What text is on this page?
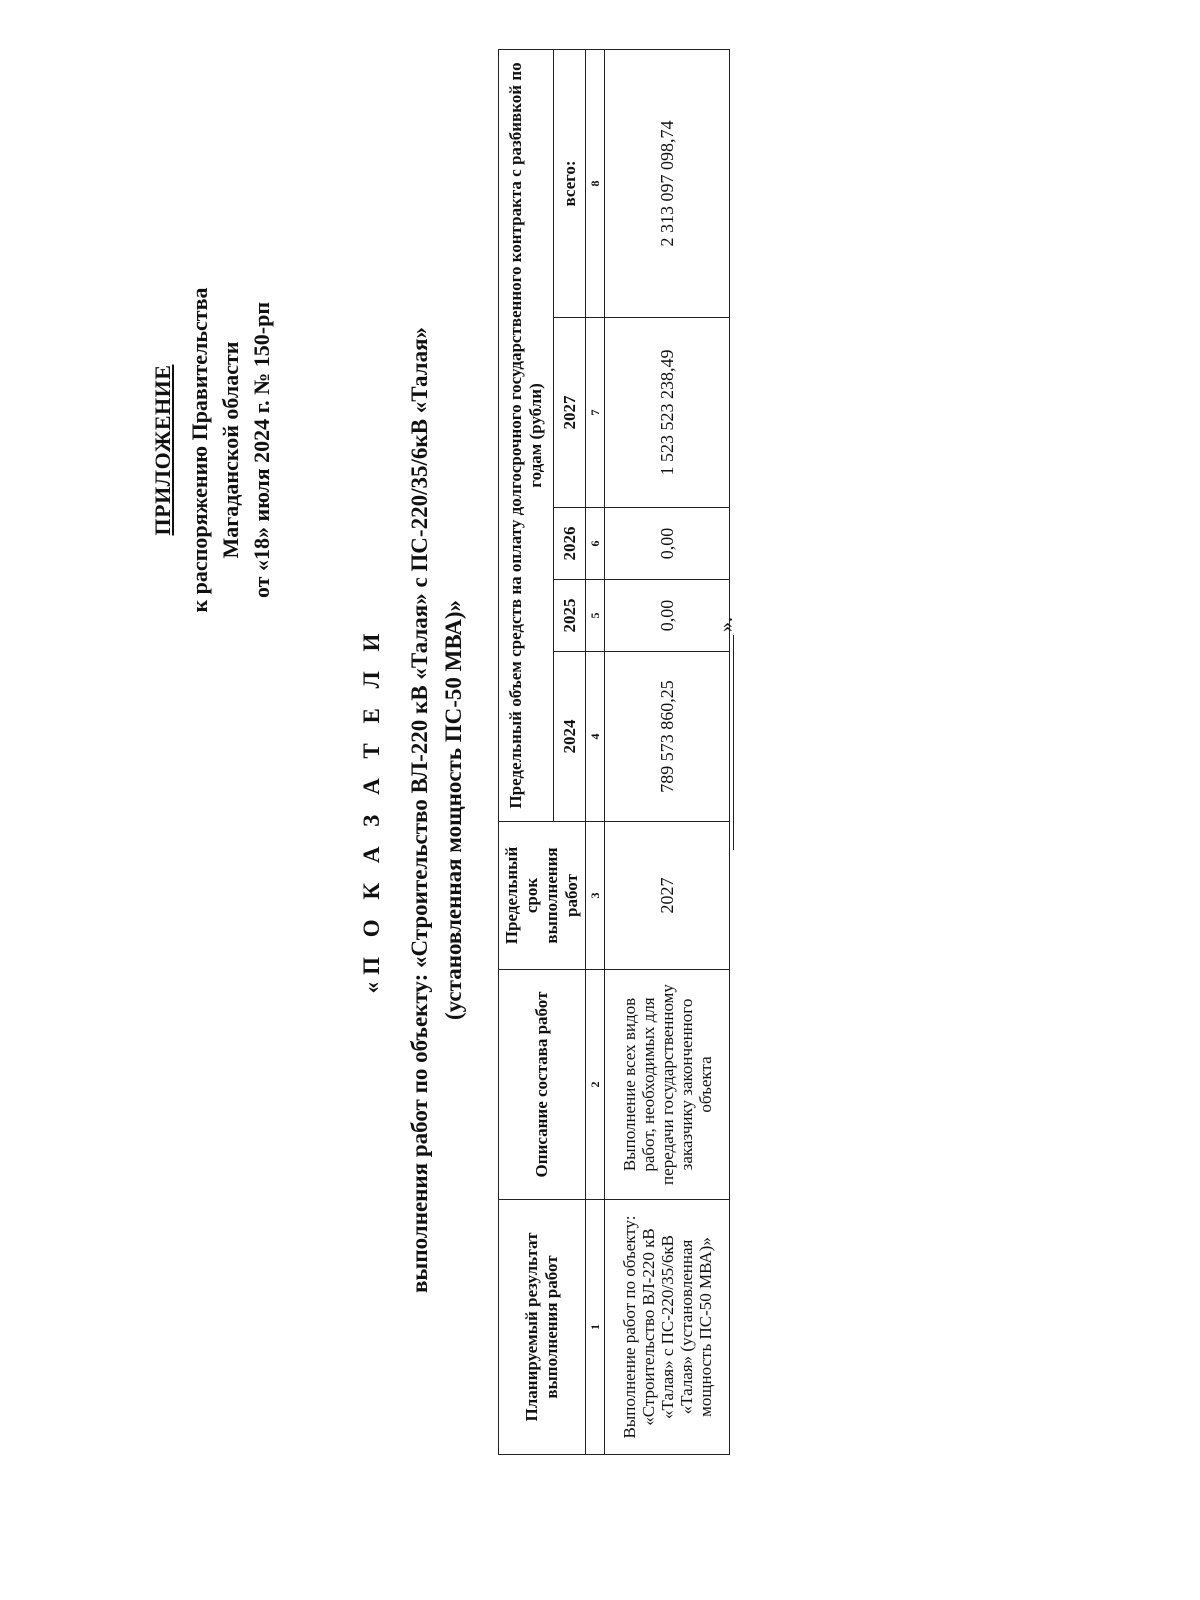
ПРИЛОЖЕНИЕ к распоряжению Правительства Магаданской области от «18» июля 2024 г. № 150-рп
«П О К А З А Т Е Л И выполнения работ по объекту: «Строительство ВЛ-220 кВ «Талая» с ПС-220/35/6кВ «Талая» (установленная мощность ПС-50 МВА)»
Планируемый результат выполнения работ	Описание состава работ	Предельный срок выполнения работ	Предельный объем средств на оплату долгосрочного государственного контракта с разбивкой по годам (рубли)				
			2024	2025	2026	2027	всего:
1	2	3	4	5	6	7	8
Выполнение работ по объекту: «Строительство ВЛ-220 кВ «Талая» с ПС-220/35/6кВ «Талая» (установленная мощность ПС-50 МВА)»	Выполнение всех видов работ, необходимых для передачи государственному заказчику законченного объекта	2027	789 573 860,25	0,00	0,00	1 523 523 238,49	2 313 097 098,74
».
